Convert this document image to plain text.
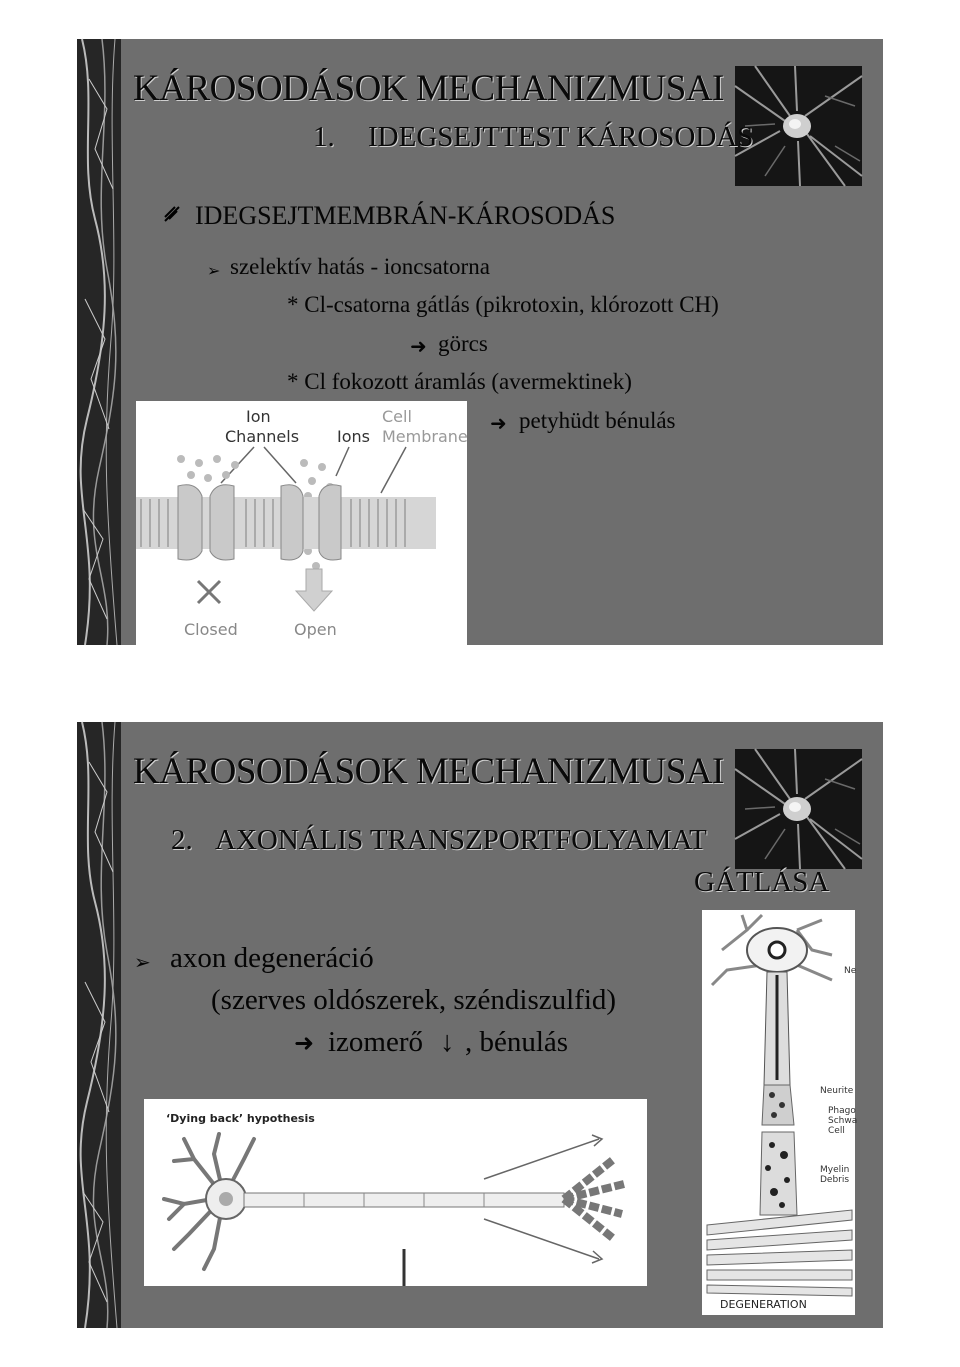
KÁROSODÁSOK MECHANIZMUSAI
1. IDEGSEJTTEST KÁROSODÁS
IDEGSEJTMEMBRÁN-KÁROSODÁS
➢ szelektív hatás - ioncsatorna
* Cl-csatorna gátlás (pikrotoxin, klórozott CH)
➜ görcs
* Cl fokozott áramlás (avermektinek)
➜ petyhüdt bénulás
Ion
Channels Ions
Cell
Membrane
Closed	Open
KÁROSODÁSOK MECHANIZMUSAI
2. AXONÁLIS TRANSZPORTFOLYAMAT
GÁTLÁSA
➢ axon degeneráció
(szerves oldószerek, széndiszulfid)
➜ izomerő ↓ , bénulás
‘Dying back’ hypothesis
Ne
Neurite
Phago
Schwa
Cell
Myelin
Debris
DEGENERATION
